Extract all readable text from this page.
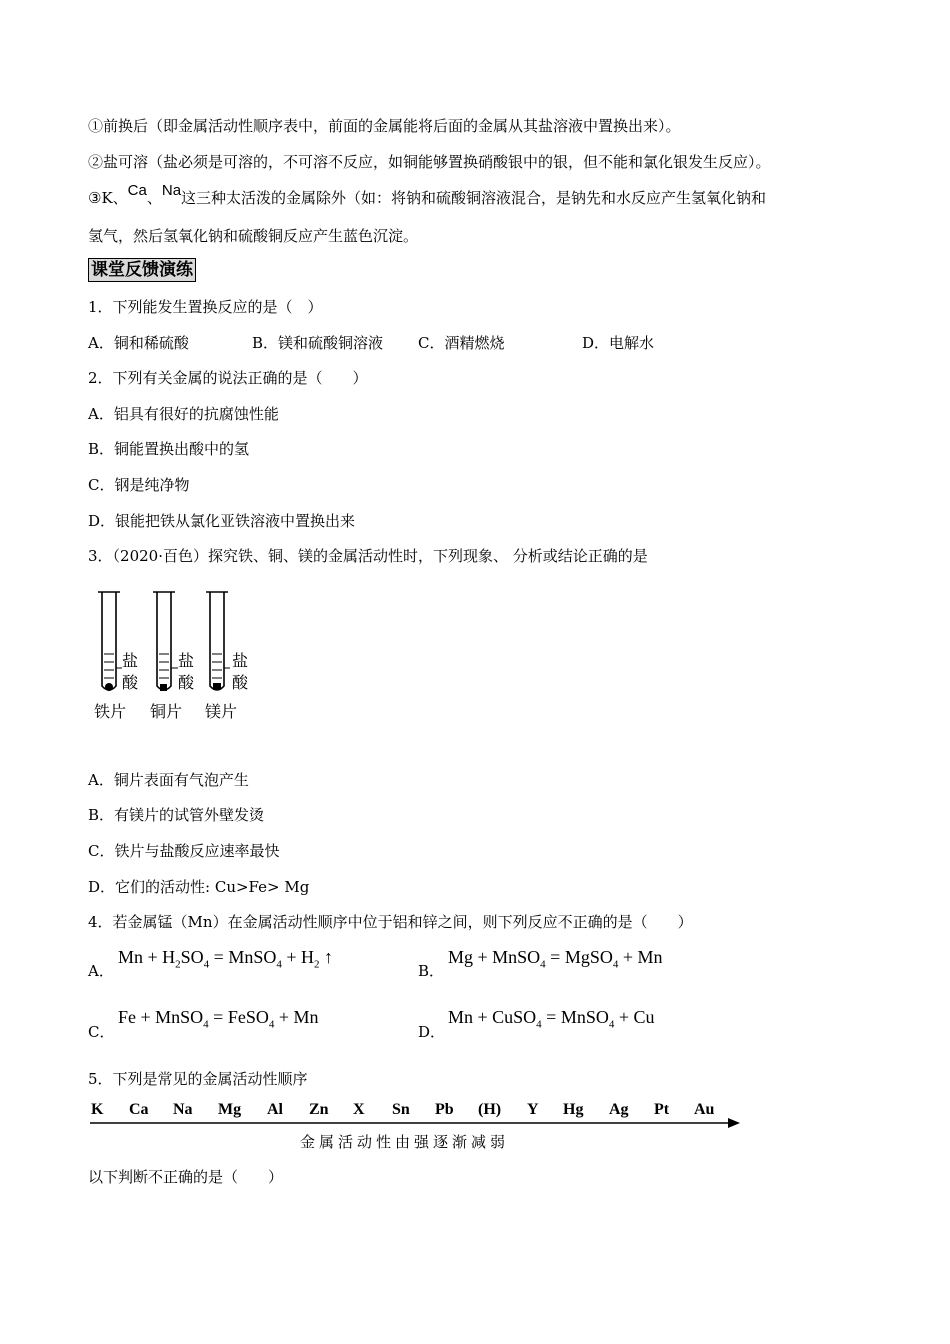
①前换后（即金属活动性顺序表中，前面的金属能将后面的金属从其盐溶液中置换出来）。
②盐可溶（盐必须是可溶的，不可溶不反应，如铜能够置换硝酸银中的银，但不能和氯化银发生反应）。
③K、Ca、Na这三种太活泼的金属除外（如：将钠和硫酸铜溶液混合，是钠先和水反应产生氢氧化钠和
氢气，然后氢氧化钠和硫酸铜反应产生蓝色沉淀。
课堂反馈演练
1．下列能发生置换反应的是（　）
A．铜和稀硫酸	B．镁和硫酸铜溶液 C．酒精燃烧	D．电解水
2．下列有关金属的说法正确的是（　　）
A．铝具有很好的抗腐蚀性能
B．铜能置换出酸中的氢
C．钢是纯净物
D．银能把铁从氯化亚铁溶液中置换出来
3．（2020·百色）探究铁、铜、镁的金属活动性时，下列现象、 分析或结论正确的是
盐
酸
盐
酸
盐
酸
铁片 铜片 镁片
A．铜片表面有气泡产生
B．有镁片的试管外壁发烫
C．铁片与盐酸反应速率最快
D．它们的活动性: Cu>Fe> Mg
4．若金属锰（Mn）在金属活动性顺序中位于铝和锌之间，则下列反应不正确的是（　　）
A．
$Mn + H_2SO_4$ = MnSO$_4$ + $H_2$ ↑
B．
Mg + MnSO$_4$ = MgSO$_4$ + Mn
C．
Fe + MnSO$_4$ = FeSO$_4$ + Mn
D．
Mn + CuSO$_4$ = MnSO$_4$ + Cu
5．下列是常见的金属活动性顺序
K Ca Na Mg Al Zn X Sn Pb (H) Y Hg Ag Pt Au
金属活动性由强逐渐减弱
以下判断不正确的是（　　）
